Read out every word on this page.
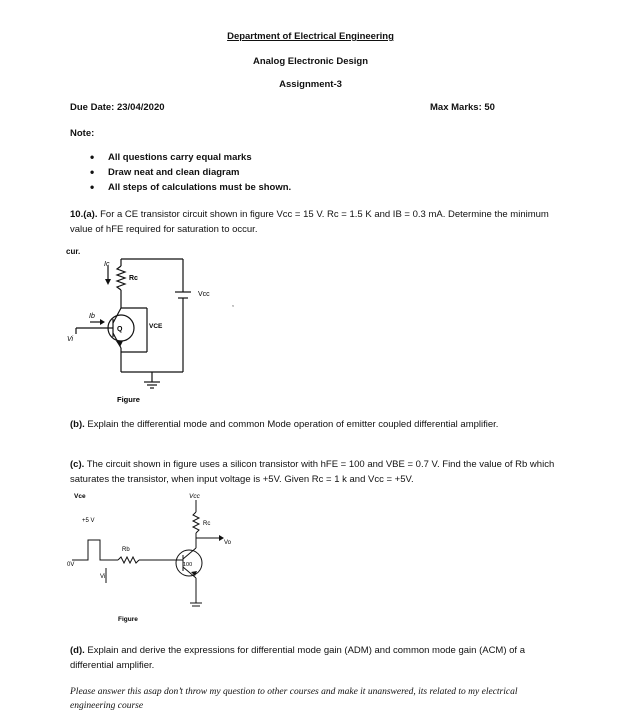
Department of Electrical Engineering
Analog Electronic Design
Assignment-3
Due Date: 23/04/2020	Max Marks: 50
Note:
• All questions carry equal marks
• Draw neat and clean diagram
• All steps of calculations must be shown.
10.(a). For a CE transistor circuit shown in figure Vcc = 15 V. Rc = 1.5 K and IB = 0.3 mA. Determine the minimum value of hFE required for saturation to occur.
cur.
Ic
Rc
Vcc
Ib
Q	VCE
Vi
,
Figure
(b). Explain the differential mode and common Mode operation of emitter coupled differential amplifier.
(c). The circuit shown in figure uses a silicon transistor with hFE = 100 and VBE = 0.7 V. Find the value of Rb which saturates the transistor, when input voltage is +5V. Given Rc = 1 k and Vcc = +5V.
Vce	Vcc
+5 V
0V
Rb
Vi
Rc
Vo
100
Figure
(d). Explain and derive the expressions for differential mode gain (ADM) and common mode gain (ACM) of a differential amplifier.
Please answer this asap don’t throw my question to other courses and make it unanswered, its related to my electrical engineering course
